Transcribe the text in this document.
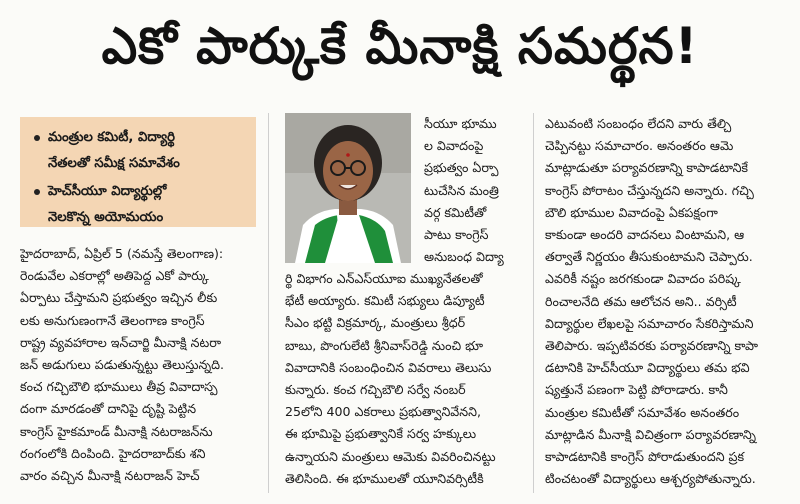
ఎకో పార్కుకే మీనాక్షి సమర్థన!
మంత్రుల కమిటీ, విద్యార్థి
నేతలతో సమీక్ష సమావేశం
హెచ్‌సీయూ విద్యార్థుల్లో
నెలకొన్న అయోమయం
హైదరాబాద్, ఏప్రిల్ 5 (నమస్తే తెలంగాణ):
రెండువేల ఎకరాల్లో అతిపెద్ద ఎకో పార్కు
ఏర్పాటు చేస్తామని ప్రభుత్వం ఇచ్చిన లీకు
లకు అనుగుణంగానే తెలంగాణ కాంగ్రెస్
రాష్ట్ర వ్యవహారాల ఇన్‌చార్జి మీనాక్షి నటరా
జన్ అడుగులు పడుతున్నట్టు తెలుస్తున్నది.
కంచ గచ్చిబౌలి భూములు తీవ్ర వివాదాస్ప
దంగా మారడంతో దానిపై దృష్టి పెట్టిన
కాంగ్రెస్ హైకమాండ్ మీనాక్షి నటరాజన్‌ను
రంగంలోకి దింపింది. హైదరాబాద్‌కు శని
వారం వచ్చిన మీనాక్షి నటరాజన్ హెచ్
సీయూ భూము
ల వివాదంపై
ప్రభుత్వం ఏర్పా
టుచేసిన మంత్రి
వర్గ కమిటీతో
పాటు కాంగ్రెస్
అనుబంధ విద్యా
ర్థి విభాగం ఎన్‌ఎస్‌యూఐ ముఖ్యనేతలతో
భేటీ అయ్యారు. కమిటీ సభ్యులు డిప్యూటీ
సీఎం భట్టి విక్రమార్క, మంత్రులు శ్రీధర్
బాబు, పొంగులేటి శ్రీనివాస్‌రెడ్డి నుంచి భూ
వివాదానికి సంబంధించిన వివరాలు తెలుసు
కున్నారు. కంచ గచ్చిబౌలి సర్వే నంబర్
25లోని 400 ఎకరాలు ప్రభుత్వానివేనని,
ఈ భూమిపై ప్రభుత్వానికే సర్వ హక్కులు
ఉన్నాయని మంత్రులు ఆమెకు వివరించినట్టు
తెలిసింది. ఈ భూములతో యూనివర్సిటీకి
ఎటువంటి సంబంధం లేదని వారు తేల్చి
చెప్పినట్టు సమాచారం. అనంతరం ఆమె
మాట్లాడుతూ పర్యావరణాన్ని కాపాడటానికే
కాంగ్రెస్ పోరాటం చేస్తున్నదని అన్నారు. గచ్చి
బౌలి భూముల వివాదంపై ఏకపక్షంగా
కాకుండా అందరి వాదనలు వింటామని, ఆ
తర్వాతే నిర్ణయం తీసుకుంటామని చెప్పారు.
ఎవరికీ నష్టం జరగకుండా వివాదం పరిష్క
రించాలనేది తమ ఆలోచన అని.. వర్సిటీ
విద్యార్థుల లేఖలపై సమాచారం సేకరిస్తామని
తెలిపారు. ఇప్పటివరకు పర్యావరణాన్ని కాపా
డటానికి హెచ్‌సీయూ విద్యార్థులు తమ భవి
ష్యత్తునే పణంగా పెట్టి పోరాడారు. కానీ
మంత్రుల కమిటీతో సమావేశం అనంతరం
మాట్లాడిన మీనాక్షి విచిత్రంగా పర్యావరణాన్ని
కాపాడటానికి కాంగ్రెస్ పోరాడుతుందని ప్రక
టించటంతో విద్యార్థులు ఆశ్చర్యపోతున్నారు.
